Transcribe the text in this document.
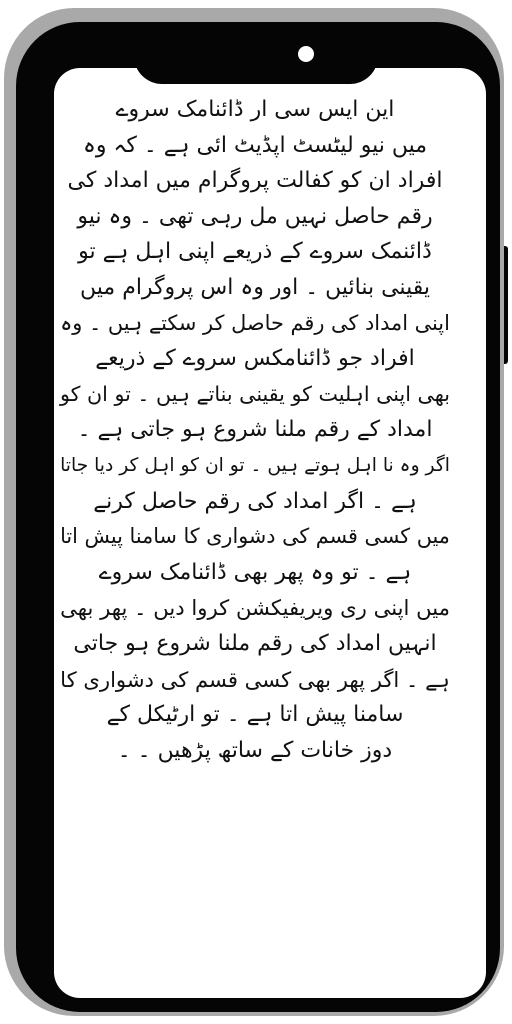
این ایس سی ار ڈائنامک سروے
میں نیو لیٹسٹ اپڈیٹ ائی ہے ۔ کہ وہ
افراد ان کو کفالت پروگرام میں امداد کی
رقم حاصل نہیں مل رہی تھی ۔ وہ نیو
ڈائنمک سروے کے ذریعے اپنی اہل ہے تو
یقینی بنائیں ۔ اور وہ اس پروگرام میں
اپنی امداد کی رقم حاصل کر سکتے ہیں ۔ وہ
افراد جو ڈائنامکس سروے کے ذریعے
بھی اپنی اہلیت کو یقینی بناتے ہیں ۔ تو ان کو
امداد کے رقم ملنا شروع ہو جاتی ہے ۔
اگر وہ نا اہل ہوتے ہیں ۔ تو ان کو اہل کر دیا جاتا
ہے ۔ اگر امداد کی رقم حاصل کرنے
میں کسی قسم کی دشواری کا سامنا پیش اتا
ہے ۔ تو وہ پھر بھی ڈائنامک سروے
میں اپنی ری ویریفیکشن کروا دیں ۔ پھر بھی
انہیں امداد کی رقم ملنا شروع ہو جاتی
ہے ۔ اگر پھر بھی کسی قسم کی دشواری کا
سامنا پیش اتا ہے ۔ تو ارٹیکل کے
دوز خانات کے ساتھ پڑھیں ۔ ۔
